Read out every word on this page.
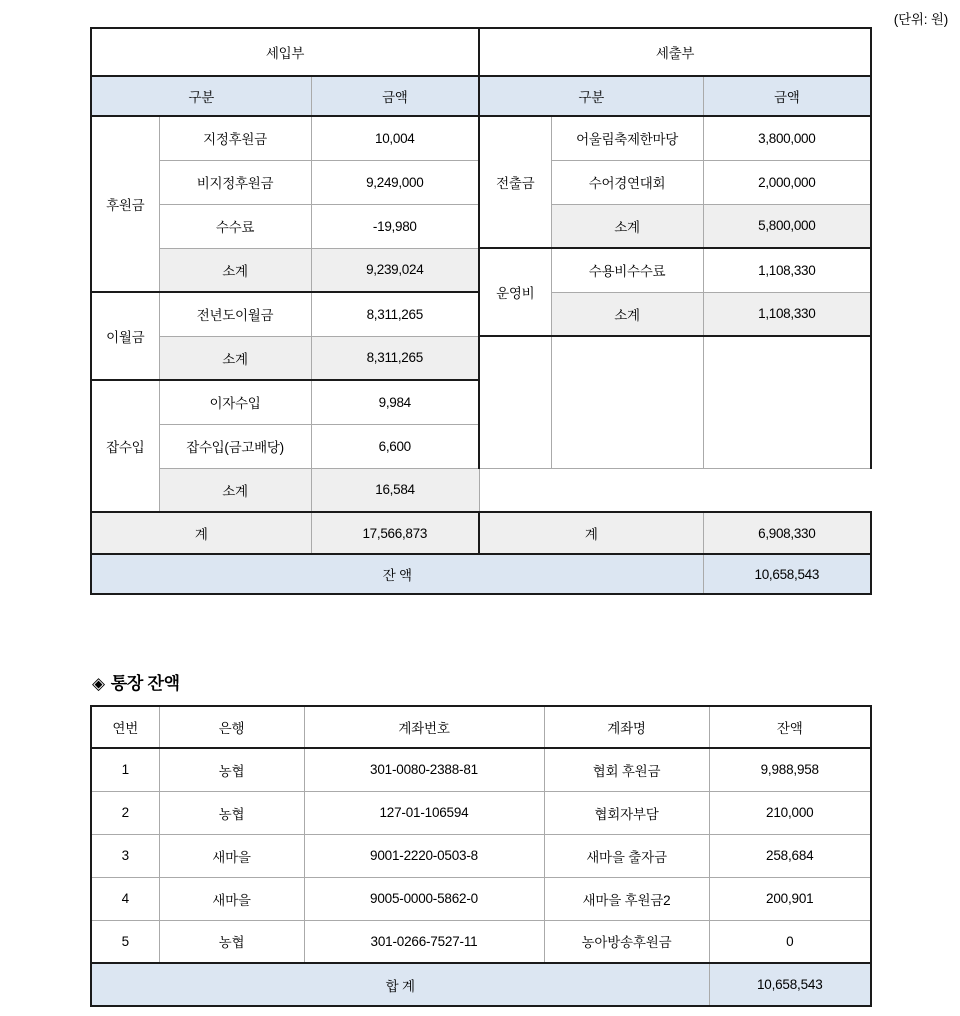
(단위: 원)
세입부			세출부		
구분		금액	구분		금액
후원금	지정후원금	10,004	전출금	어울림축제한마당	3,800,000
	비지정후원금	9,249,000		수어경연대회	2,000,000
	수수료	-19,980		소계	5,800,000
	소계	9,239,024	운영비	수용비수수료	1,108,330
이월금	전년도이월금	8,311,265		소계	1,108,330
	소계	8,311,265			
잡수입	이자수입	9,984			
	잡수입(금고배당)	6,600			
	소계	16,584			
계		17,566,873	계		6,908,330
잔 액					10,658,543
◈ 통장 잔액
연번	은행	계좌번호	계좌명	잔액
1	농협	301-0080-2388-81	협회 후원금	9,988,958
2	농협	127-01-106594	협회자부담	210,000
3	새마을	9001-2220-0503-8	새마을 출자금	258,684
4	새마을	9005-0000-5862-0	새마을 후원금2	200,901
5	농협	301-0266-7527-11	농아방송후원금	0
합 계				10,658,543
